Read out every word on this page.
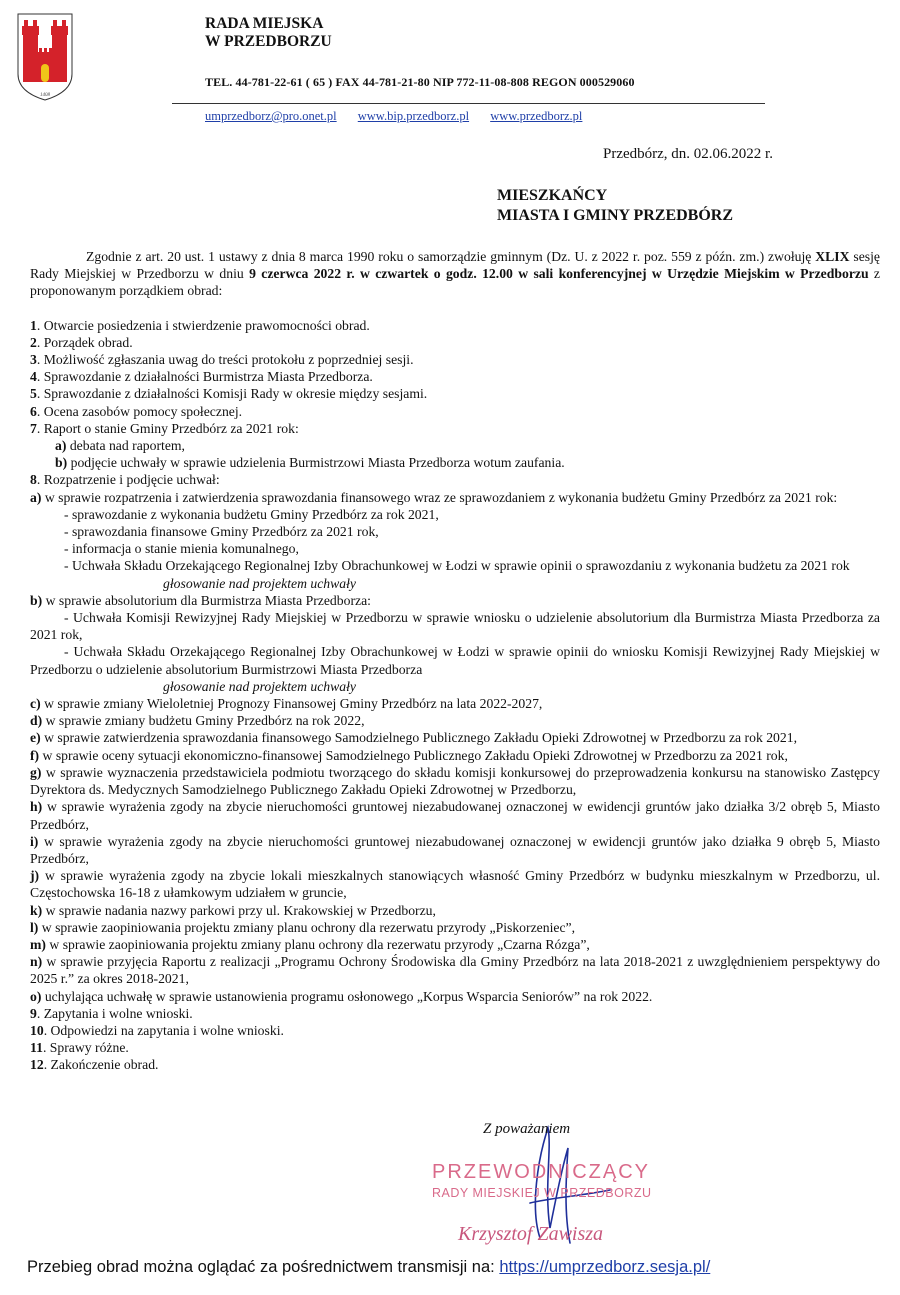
1408
RADA MIEJSKA
W PRZEDBORZU
TEL. 44-781-22-61 ( 65 ) FAX 44-781-21-80 NIP 772-11-08-808 REGON 000529060
umprzedborz@pro.onet.pl www.bip.przedborz.pl www.przedborz.pl
Przedbórz, dn. 02.06.2022 r.
MIESZKAŃCY
MIASTA I GMINY PRZEDBÓRZ

Zgodnie z art. 20 ust. 1 ustawy z dnia 8 marca 1990 roku o samorządzie gminnym (Dz. U. z 2022 r. poz. 559 z późn. zm.) zwołuję XLIX sesję Rady Miejskiej w Przedborzu w dniu 9 czerwca 2022 r. w czwartek o godz. 12.00 w sali konferencyjnej w Urzędzie Miejskim w Przedborzu z proponowanym porządkiem obrad:

1. Otwarcie posiedzenia i stwierdzenie prawomocności obrad.

2. Porządek obrad.

3. Możliwość zgłaszania uwag do treści protokołu z poprzedniej sesji.

4. Sprawozdanie z działalności Burmistrza Miasta Przedborza.

5. Sprawozdanie z działalności Komisji Rady w okresie między sesjami.

6. Ocena zasobów pomocy społecznej.

7. Raport o stanie Gminy Przedbórz za 2021 rok:

a) debata nad raportem,

b) podjęcie uchwały w sprawie udzielenia Burmistrzowi Miasta Przedborza wotum zaufania.

8. Rozpatrzenie i podjęcie uchwał:

a) w sprawie rozpatrzenia i zatwierdzenia sprawozdania finansowego wraz ze sprawozdaniem z wykonania budżetu Gminy Przedbórz za 2021 rok:

- sprawozdanie z wykonania budżetu Gminy Przedbórz za rok 2021,

- sprawozdania finansowe Gminy Przedbórz za 2021 rok,

- informacja o stanie mienia komunalnego,

- Uchwała Składu Orzekającego Regionalnej Izby Obrachunkowej w Łodzi w sprawie opinii o sprawozdaniu z wykonania budżetu za 2021 rok

głosowanie nad projektem uchwały

b) w sprawie absolutorium dla Burmistrza Miasta Przedborza:

- Uchwała Komisji Rewizyjnej Rady Miejskiej w Przedborzu w sprawie wniosku o udzielenie absolutorium dla Burmistrza Miasta Przedborza za 2021 rok,

- Uchwała Składu Orzekającego Regionalnej Izby Obrachunkowej w Łodzi w sprawie opinii do wniosku Komisji Rewizyjnej Rady Miejskiej w Przedborzu o udzielenie absolutorium Burmistrzowi Miasta Przedborza

głosowanie nad projektem uchwały

c) w sprawie zmiany Wieloletniej Prognozy Finansowej Gminy Przedbórz na lata 2022-2027,

d) w sprawie zmiany budżetu Gminy Przedbórz na rok 2022,

e) w sprawie zatwierdzenia sprawozdania finansowego Samodzielnego Publicznego Zakładu Opieki Zdrowotnej w Przedborzu za rok 2021,

f) w sprawie oceny sytuacji ekonomiczno-finansowej Samodzielnego Publicznego Zakładu Opieki Zdrowotnej w Przedborzu za 2021 rok,

g) w sprawie wyznaczenia przedstawiciela podmiotu tworzącego do składu komisji konkursowej do przeprowadzenia konkursu na stanowisko Zastępcy Dyrektora ds. Medycznych Samodzielnego Publicznego Zakładu Opieki Zdrowotnej w Przedborzu,

h) w sprawie wyrażenia zgody na zbycie nieruchomości gruntowej niezabudowanej oznaczonej w ewidencji gruntów jako działka 3/2 obręb 5, Miasto Przedbórz,

i) w sprawie wyrażenia zgody na zbycie nieruchomości gruntowej niezabudowanej oznaczonej w ewidencji gruntów jako działka 9 obręb 5, Miasto Przedbórz,

j) w sprawie wyrażenia zgody na zbycie lokali mieszkalnych stanowiących własność Gminy Przedbórz w budynku mieszkalnym w Przedborzu, ul. Częstochowska 16-18 z ułamkowym udziałem w gruncie,

k) w sprawie nadania nazwy parkowi przy ul. Krakowskiej w Przedborzu,

l) w sprawie zaopiniowania projektu zmiany planu ochrony dla rezerwatu przyrody „Piskorzeniec”,

m) w sprawie zaopiniowania projektu zmiany planu ochrony dla rezerwatu przyrody „Czarna Rózga”,

n) w sprawie przyjęcia Raportu z realizacji „Programu Ochrony Środowiska dla Gminy Przedbórz na lata 2018-2021 z uwzględnieniem perspektywy do 2025 r.” za okres 2018-2021,

o) uchylająca uchwałę w sprawie ustanowienia programu osłonowego „Korpus Wsparcia Seniorów” na rok 2022.

9. Zapytania i wolne wnioski.

10. Odpowiedzi na zapytania i wolne wnioski.

11. Sprawy różne.

12. Zakończenie obrad.

Z poważaniem
PRZEWODNICZĄCY
RADY MIEJSKIEJ W PRZEDBORZU
Krzysztof Zawisza
Przebieg obrad można oglądać za pośrednictwem transmisji na: https://umprzedborz.sesja.pl/
